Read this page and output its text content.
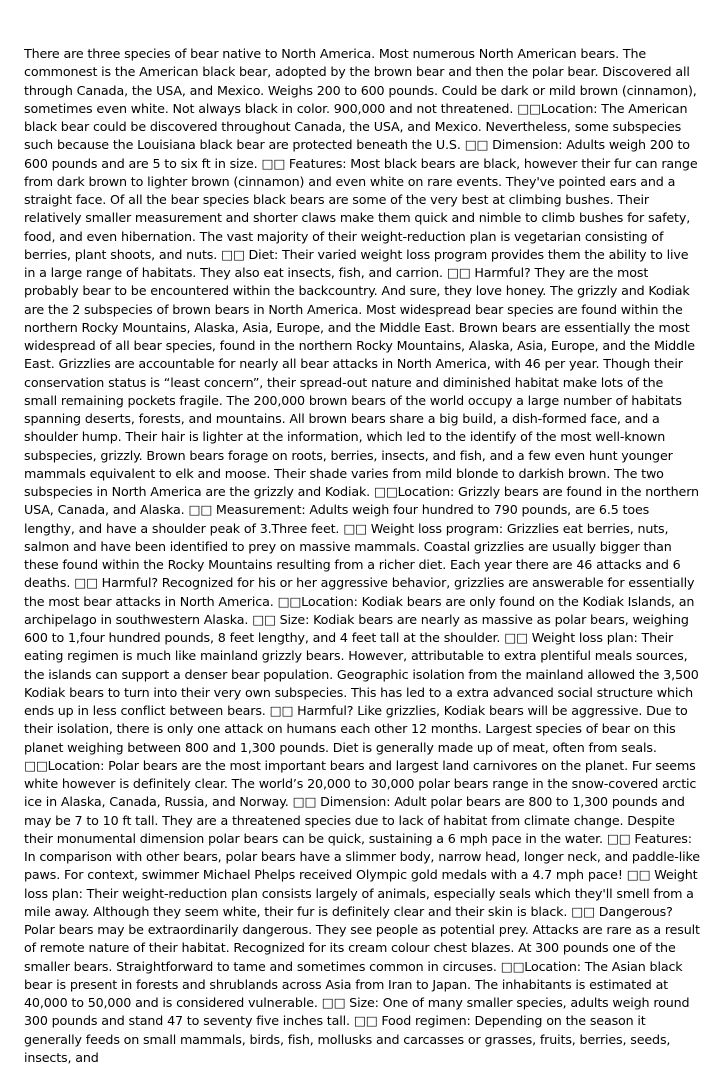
There are three species of bear native to North America. Most numerous North American bears. The commonest is the American black bear, adopted by the brown bear and then the polar bear. Discovered all through Canada, the USA, and Mexico. Weighs 200 to 600 pounds. Could be dark or mild brown (cinnamon), sometimes even white. Not always black in color. 900,000 and not threatened. □□Location: The American black bear could be discovered throughout Canada, the USA, and Mexico. Nevertheless, some subspecies such because the Louisiana black bear are protected beneath the U.S. □□ Dimension: Adults weigh 200 to 600 pounds and are 5 to six ft in size. □□ Features: Most black bears are black, however their fur can range from dark brown to lighter brown (cinnamon) and even white on rare events. They've pointed ears and a straight face. Of all the bear species black bears are some of the very best at climbing bushes. Their relatively smaller measurement and shorter claws make them quick and nimble to climb bushes for safety, food, and even hibernation. The vast majority of their weight-reduction plan is vegetarian consisting of berries, plant shoots, and nuts. □□ Diet: Their varied weight loss program provides them the ability to live in a large range of habitats. They also eat insects, fish, and carrion. □□ Harmful? They are the most probably bear to be encountered within the backcountry. And sure, they love honey. The grizzly and Kodiak are the 2 subspecies of brown bears in North America. Most widespread bear species are found within the northern Rocky Mountains, Alaska, Asia, Europe, and the Middle East. Brown bears are essentially the most widespread of all bear species, found in the northern Rocky Mountains, Alaska, Asia, Europe, and the Middle East. Grizzlies are accountable for nearly all bear attacks in North America, with 46 per year. Though their conservation status is “least concern”, their spread-out nature and diminished habitat make lots of the small remaining pockets fragile. The 200,000 brown bears of the world occupy a large number of habitats spanning deserts, forests, and mountains. All brown bears share a big build, a dish-formed face, and a shoulder hump. Their hair is lighter at the information, which led to the identify of the most well-known subspecies, grizzly. Brown bears forage on roots, berries, insects, and fish, and a few even hunt younger mammals equivalent to elk and moose. Their shade varies from mild blonde to darkish brown. The two subspecies in North America are the grizzly and Kodiak. □□Location: Grizzly bears are found in the northern USA, Canada, and Alaska. □□ Measurement: Adults weigh four hundred to 790 pounds, are 6.5 toes lengthy, and have a shoulder peak of 3.Three feet. □□ Weight loss program: Grizzlies eat berries, nuts, salmon and have been identified to prey on massive mammals. Coastal grizzlies are usually bigger than these found within the Rocky Mountains resulting from a richer diet. Each year there are 46 attacks and 6 deaths. □□ Harmful? Recognized for his or her aggressive behavior, grizzlies are answerable for essentially the most bear attacks in North America. □□Location: Kodiak bears are only found on the Kodiak Islands, an archipelago in southwestern Alaska. □□ Size: Kodiak bears are nearly as massive as polar bears, weighing 600 to 1,four hundred pounds, 8 feet lengthy, and 4 feet tall at the shoulder. □□ Weight loss plan: Their eating regimen is much like mainland grizzly bears. However, attributable to extra plentiful meals sources, the islands can support a denser bear population. Geographic isolation from the mainland allowed the 3,500 Kodiak bears to turn into their very own subspecies. This has led to a extra advanced social structure which ends up in less conflict between bears. □□ Harmful? Like grizzlies, Kodiak bears will be aggressive. Due to their isolation, there is only one attack on humans each other 12 months. Largest species of bear on this planet weighing between 800 and 1,300 pounds. Diet is generally made up of meat, often from seals. □□Location: Polar bears are the most important bears and largest land carnivores on the planet. Fur seems white however is definitely clear. The world’s 20,000 to 30,000 polar bears range in the snow-covered arctic ice in Alaska, Canada, Russia, and Norway. □□ Dimension: Adult polar bears are 800 to 1,300 pounds and may be 7 to 10 ft tall. They are a threatened species due to lack of habitat from climate change. Despite their monumental dimension polar bears can be quick, sustaining a 6 mph pace in the water. □□ Features: In comparison with other bears, polar bears have a slimmer body, narrow head, longer neck, and paddle-like paws. For context, swimmer Michael Phelps received Olympic gold medals with a 4.7 mph pace! □□ Weight loss plan: Their weight-reduction plan consists largely of animals, especially seals which they'll smell from a mile away. Although they seem white, their fur is definitely clear and their skin is black. □□ Dangerous? Polar bears may be extraordinarily dangerous. They see people as potential prey. Attacks are rare as a result of remote nature of their habitat. Recognized for its cream colour chest blazes. At 300 pounds one of the smaller bears. Straightforward to tame and sometimes common in circuses. □□Location: The Asian black bear is present in forests and shrublands across Asia from Iran to Japan. The inhabitants is estimated at 40,000 to 50,000 and is considered vulnerable. □□ Size: One of many smaller species, adults weigh round 300 pounds and stand 47 to seventy five inches tall. □□ Food regimen: Depending on the season it generally feeds on small mammals, birds, fish, mollusks and carcasses or grasses, fruits, berries, seeds, insects, and
